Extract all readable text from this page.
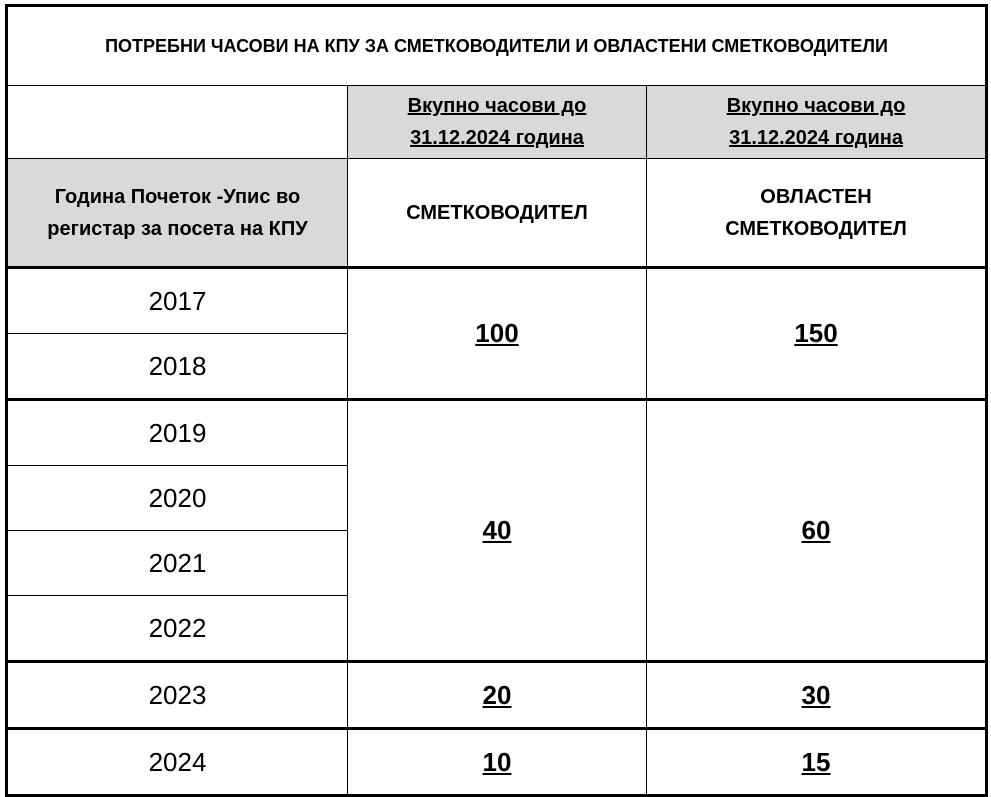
ПОТРЕБНИ ЧАСОВИ НА КПУ ЗА СМЕТКОВОДИТЕЛИ И ОВЛАСТЕНИ СМЕТКОВОДИТЕЛИ		

	Вкупно часови до 31.12.2024 година	Вкупно часови до 31.12.2024 година

Година Почеток -Упис во регистар за посета на КПУ	СМЕТКОВОДИТЕЛ	ОВЛАСТЕН СМЕТКОВОДИТЕЛ

2017	100	150
2018		
2019	40	60
2020		
2021		
2022		
2023	20	30
2024	10	15
